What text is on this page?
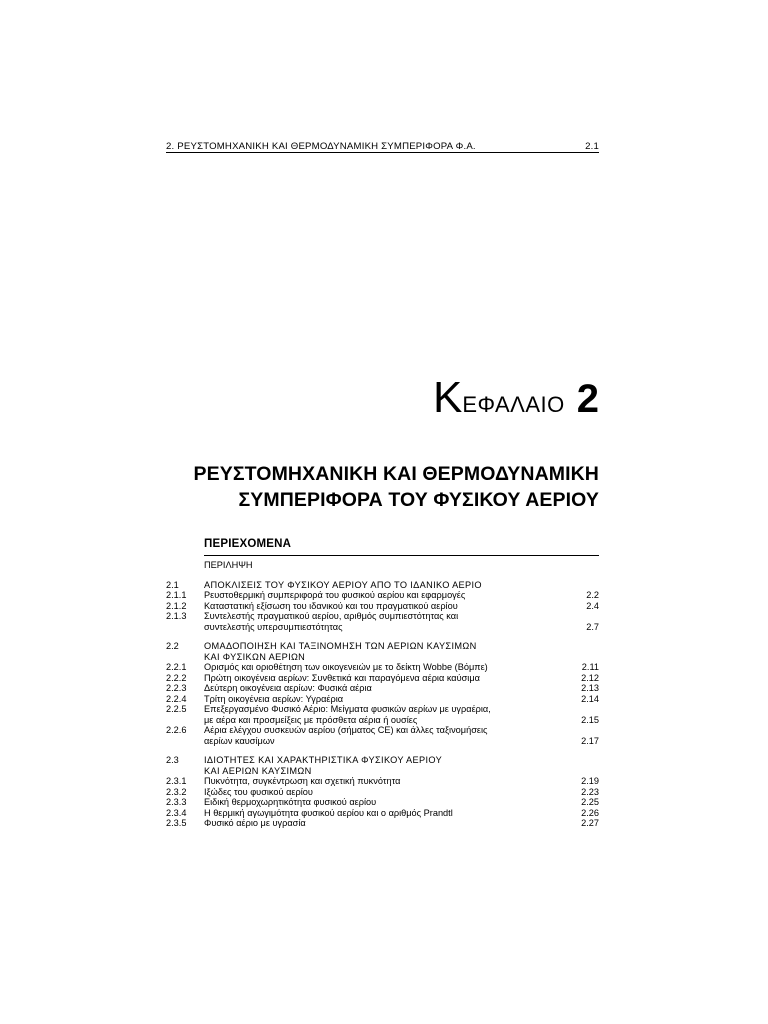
2. ΡΕΥΣΤΟΜΗΧΑΝΙΚΗ ΚΑΙ ΘΕΡΜΟΔΥΝΑΜΙΚΗ ΣΥΜΠΕΡΙΦΟΡΑ Φ.Α.	2.1
ΚΕΦΑΛΑΙΟ 2
ΡΕΥΣΤΟΜΗΧΑΝΙΚΗ ΚΑΙ ΘΕΡΜΟΔΥΝΑΜΙΚΗ
ΣΥΜΠΕΡΙΦΟΡΑ ΤΟΥ ΦΥΣΙΚΟΥ ΑΕΡΙΟΥ
ΠΕΡΙΕΧΟΜΕΝΑ
ΠΕΡΙΛΗΨΗ
2.1	ΑΠΟΚΛΙΣΕΙΣ ΤΟΥ ΦΥΣΙΚΟΥ ΑΕΡΙΟΥ ΑΠΟ ΤΟ ΙΔΑΝΙΚΟ ΑΕΡΙΟ
2.1.1 Ρευστοθερμική συμπεριφορά του φυσικού αερίου και εφαρμογές	2.2
2.1.2 Καταστατική εξίσωση του ιδανικού και του πραγματικού αερίου	2.4
2.1.3 Συντελεστής πραγματικού αερίου, αριθμός συμπιεστότητας και
συντελεστής υπερσυμπιεστότητας	2.7
2.2	ΟΜΑΔΟΠΟΙΗΣΗ ΚΑΙ ΤΑΞΙΝΟΜΗΣΗ ΤΩΝ ΑΕΡΙΩΝ ΚΑΥΣΙΜΩΝ
ΚΑΙ ΦΥΣΙΚΩΝ ΑΕΡΙΩΝ
2.2.1 Ορισμός και οριοθέτηση των οικογενειών με το δείκτη Wobbe (Βόμπε)	2.11
2.2.2 Πρώτη οικογένεια αερίων: Συνθετικά και παραγόμενα αέρια καύσιμα	2.12
2.2.3 Δεύτερη οικογένεια αερίων: Φυσικά αέρια	2.13
2.2.4 Τρίτη οικογένεια αερίων: Υγραέρια	2.14
2.2.5 Επεξεργασμένο Φυσικό Αέριο: Μείγματα φυσικών αερίων με υγραέρια,
με αέρα και προσμείξεις με πρόσθετα αέρια ή ουσίες	2.15
2.2.6 Αέρια ελέγχου συσκευών αερίου (σήματος CE) και άλλες ταξινομήσεις
αερίων καυσίμων	2.17
2.3	ΙΔΙΟΤΗΤΕΣ ΚΑΙ ΧΑΡΑΚΤΗΡΙΣΤΙΚΑ ΦΥΣΙΚΟΥ ΑΕΡΙΟΥ
ΚΑΙ ΑΕΡΙΩΝ ΚΑΥΣΙΜΩΝ
2.3.1 Πυκνότητα, συγκέντρωση και σχετική πυκνότητα	2.19
2.3.2 Ιξώδες του φυσικού αερίου	2.23
2.3.3 Ειδική θερμοχωρητικότητα φυσικού αερίου	2.25
2.3.4 Η θερμική αγωγιμότητα φυσικού αερίου και ο αριθμός Prandtl	2.26
2.3.5 Φυσικό αέριο με υγρασία	2.27
